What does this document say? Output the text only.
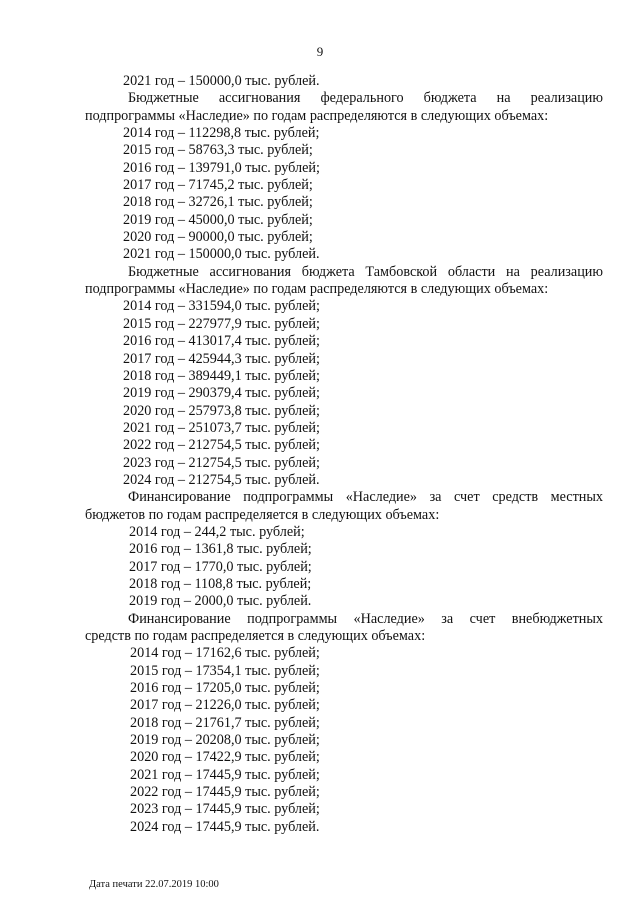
9
2021 год – 150000,0 тыс. рублей.
Бюджетные ассигнования федерального бюджета на реализацию
подпрограммы «Наследие» по годам распределяются в следующих объемах:
2014 год – 112298,8 тыс. рублей;
2015 год – 58763,3 тыс. рублей;
2016 год – 139791,0 тыс. рублей;
2017 год – 71745,2 тыс. рублей;
2018 год – 32726,1 тыс. рублей;
2019 год – 45000,0 тыс. рублей;
2020 год – 90000,0 тыс. рублей;
2021 год – 150000,0 тыс. рублей.
Бюджетные ассигнования бюджета Тамбовской области на реализацию
подпрограммы «Наследие» по годам распределяются в следующих объемах:
2014 год – 331594,0 тыс. рублей;
2015 год – 227977,9 тыс. рублей;
2016 год – 413017,4 тыс. рублей;
2017 год – 425944,3 тыс. рублей;
2018 год – 389449,1 тыс. рублей;
2019 год – 290379,4 тыс. рублей;
2020 год – 257973,8 тыс. рублей;
2021 год – 251073,7 тыс. рублей;
2022 год – 212754,5 тыс. рублей;
2023 год – 212754,5 тыс. рублей;
2024 год – 212754,5 тыс. рублей.
Финансирование подпрограммы «Наследие» за счет средств местных
бюджетов по годам распределяется в следующих объемах:
2014 год – 244,2 тыс. рублей;
2016 год – 1361,8 тыс. рублей;
2017 год – 1770,0 тыс. рублей;
2018 год – 1108,8 тыс. рублей;
2019 год – 2000,0 тыс. рублей.
Финансирование подпрограммы «Наследие» за счет внебюджетных
средств по годам распределяется в следующих объемах:
2014 год – 17162,6 тыс. рублей;
2015 год – 17354,1 тыс. рублей;
2016 год – 17205,0 тыс. рублей;
2017 год – 21226,0 тыс. рублей;
2018 год – 21761,7 тыс. рублей;
2019 год – 20208,0 тыс. рублей;
2020 год – 17422,9 тыс. рублей;
2021 год – 17445,9 тыс. рублей;
2022 год – 17445,9 тыс. рублей;
2023 год – 17445,9 тыс. рублей;
2024 год – 17445,9 тыс. рублей.
Дата печати 22.07.2019 10:00
